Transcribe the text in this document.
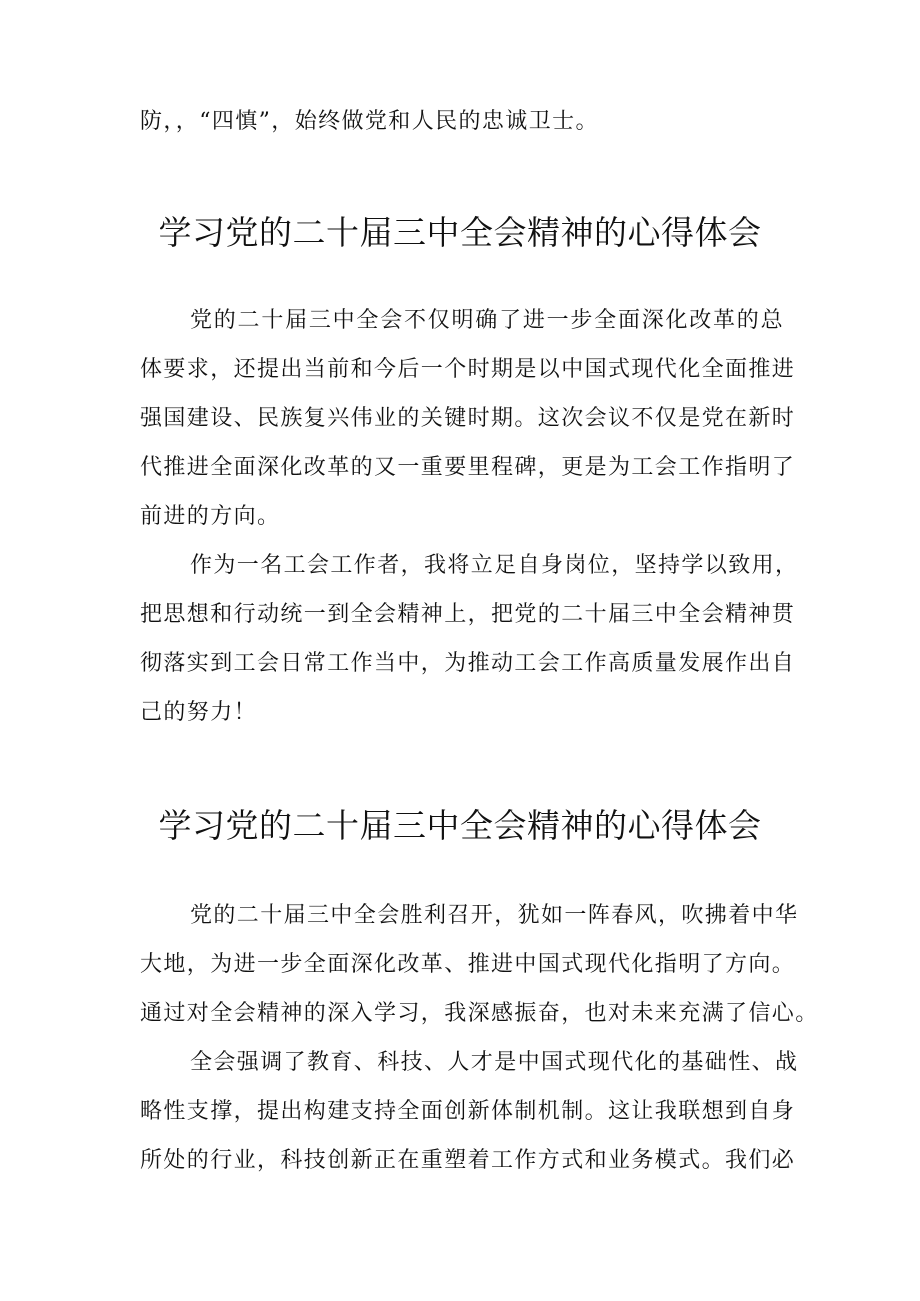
防，，“四慎”，始终做党和人民的忠诚卫士。
学习党的二十届三中全会精神的心得体会
党的二十届三中全会不仅明确了进一步全面深化改革的总
体要求，还提出当前和今后一个时期是以中国式现代化全面推进
强国建设、民族复兴伟业的关键时期。这次会议不仅是党在新时
代推进全面深化改革的又一重要里程碑，更是为工会工作指明了
前进的方向。
作为一名工会工作者，我将立足自身岗位，坚持学以致用，
把思想和行动统一到全会精神上，把党的二十届三中全会精神贯
彻落实到工会日常工作当中，为推动工会工作高质量发展作出自
己的努力！
学习党的二十届三中全会精神的心得体会
党的二十届三中全会胜利召开，犹如一阵春风，吹拂着中华
大地，为进一步全面深化改革、推进中国式现代化指明了方向。
通过对全会精神的深入学习，我深感振奋，也对未来充满了信心。
全会强调了教育、科技、人才是中国式现代化的基础性、战
略性支撑，提出构建支持全面创新体制机制。这让我联想到自身
所处的行业，科技创新正在重塑着工作方式和业务模式。我们必
